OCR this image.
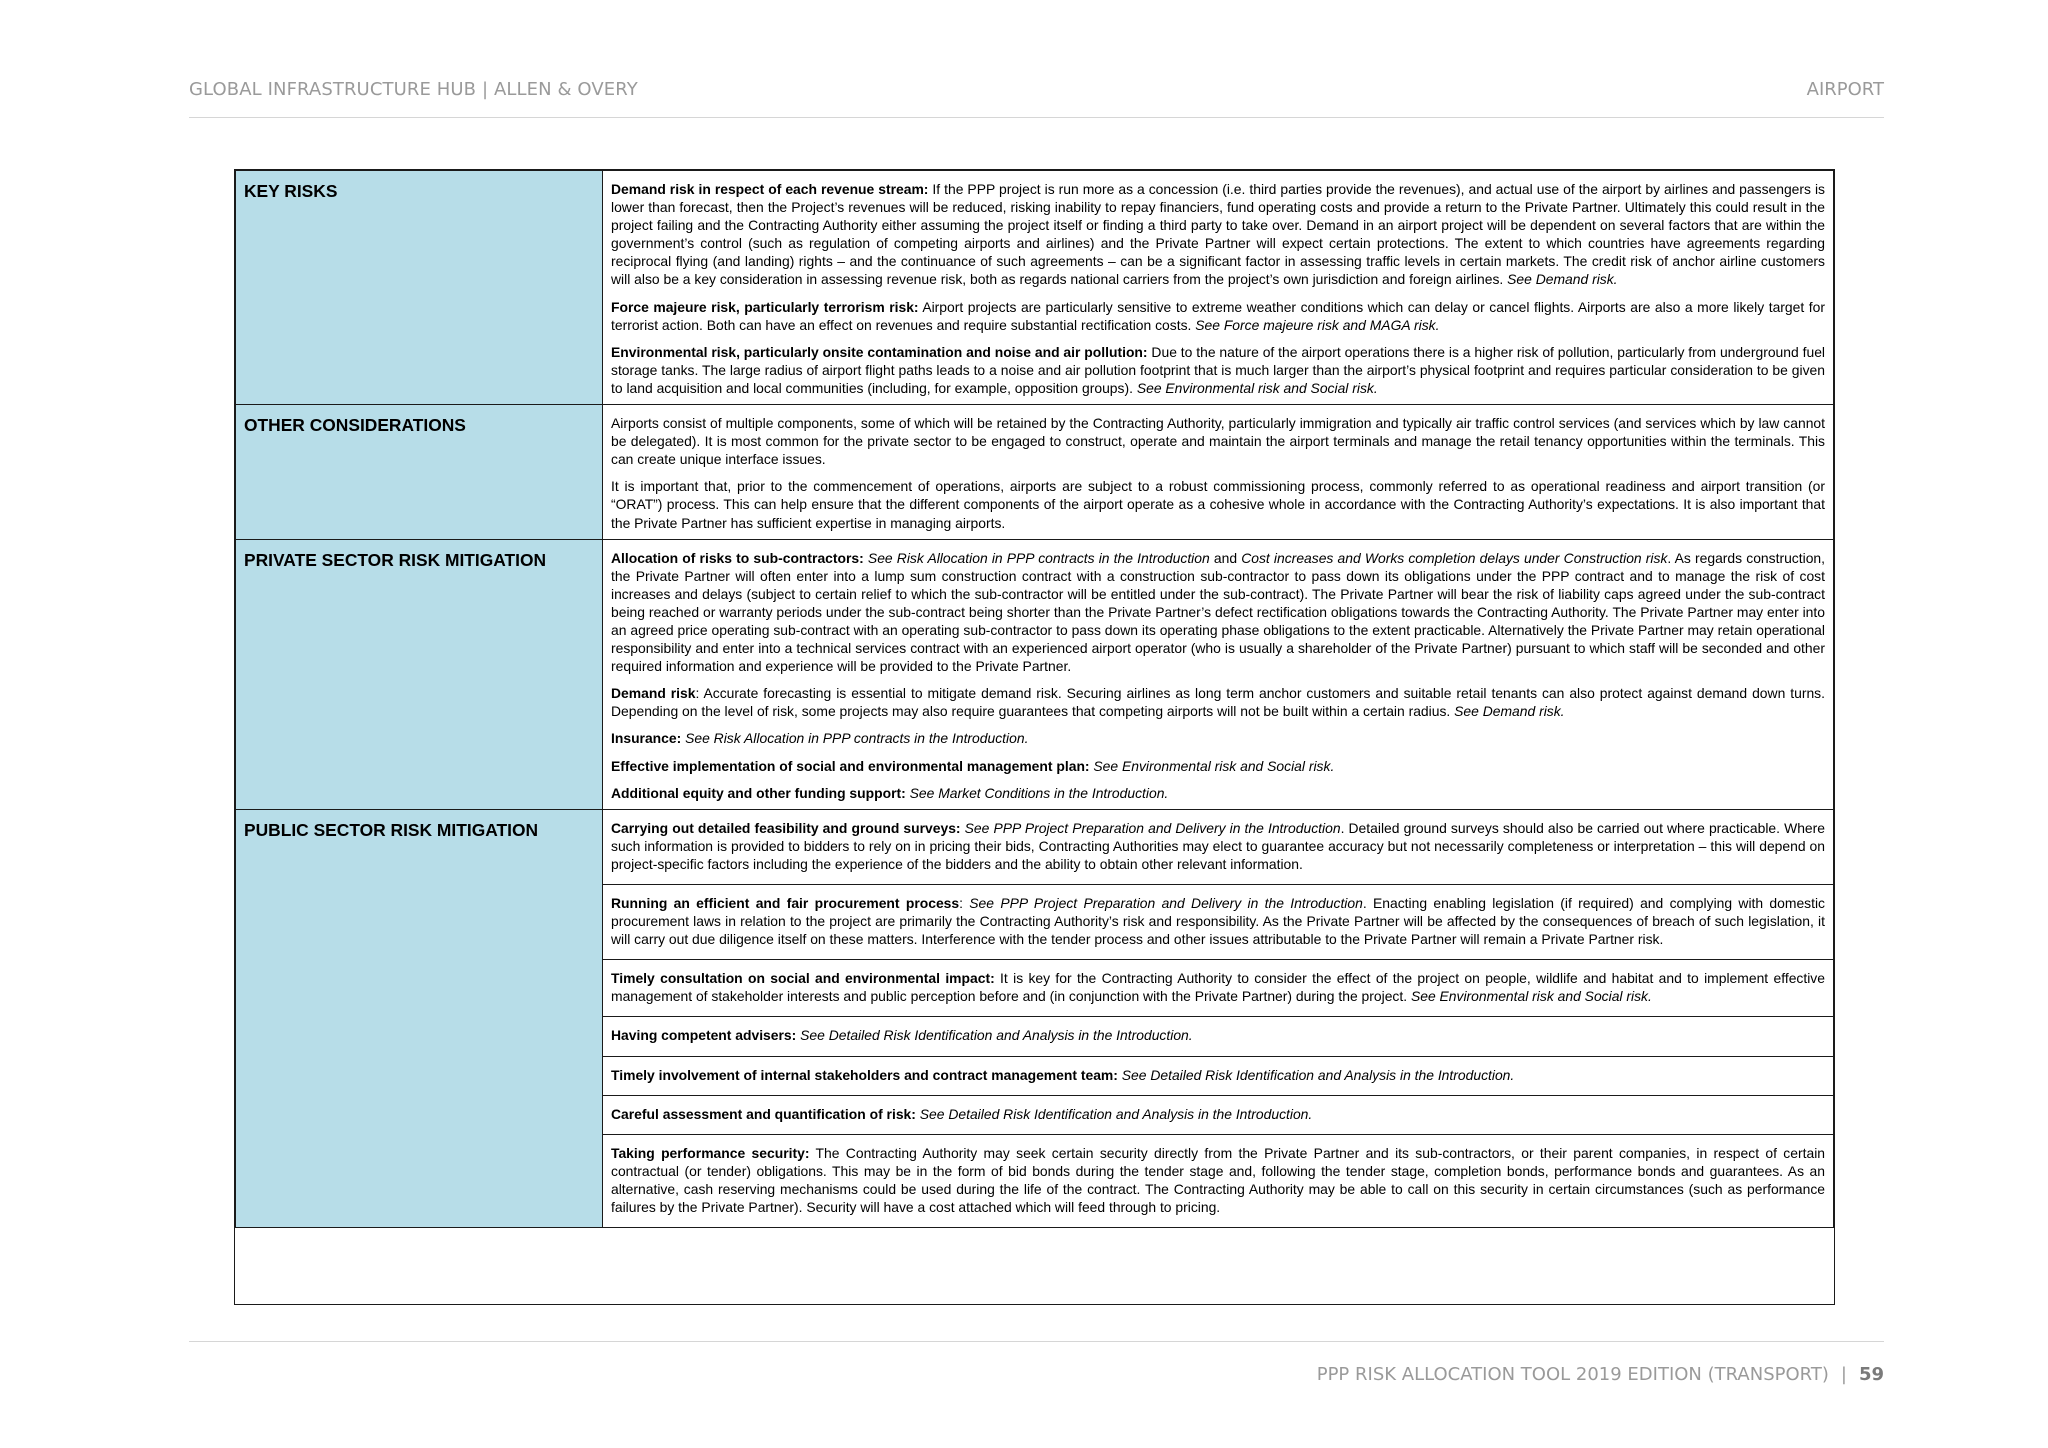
GLOBAL INFRASTRUCTURE HUB | ALLEN & OVERY	AIRPORT
KEY RISKS	Demand risk in respect of each revenue stream: If the PPP project is run more as a concession (i.e. third parties provide the revenues), and actual use of the airport by airlines and passengers is lower than forecast, then the Project’s revenues will be reduced, risking inability to repay financiers, fund operating costs and provide a return to the Private Partner. Ultimately this could result in the project failing and the Contracting Authority either assuming the project itself or finding a third party to take over. Demand in an airport project will be dependent on several factors that are within the government’s control (such as regulation of competing airports and airlines) and the Private Partner will expect certain protections. The extent to which countries have agreements regarding reciprocal flying (and landing) rights – and the continuance of such agreements – can be a significant factor in assessing traffic levels in certain markets. The credit risk of anchor airline customers will also be a key consideration in assessing revenue risk, both as regards national carriers from the project’s own jurisdiction and foreign airlines. See Demand risk.

Force majeure risk, particularly terrorism risk: Airport projects are particularly sensitive to extreme weather conditions which can delay or cancel flights. Airports are also a more likely target for terrorist action. Both can have an effect on revenues and require substantial rectification costs. See Force majeure risk and MAGA risk.

Environmental risk, particularly onsite contamination and noise and air pollution: Due to the nature of the airport operations there is a higher risk of pollution, particularly from underground fuel storage tanks. The large radius of airport flight paths leads to a noise and air pollution footprint that is much larger than the airport’s physical footprint and requires particular consideration to be given to land acquisition and local communities (including, for example, opposition groups). See Environmental risk and Social risk.

OTHER CONSIDERATIONS	Airports consist of multiple components, some of which will be retained by the Contracting Authority, particularly immigration and typically air traffic control services (and services which by law cannot be delegated). It is most common for the private sector to be engaged to construct, operate and maintain the airport terminals and manage the retail tenancy opportunities within the terminals. This can create unique interface issues.

It is important that, prior to the commencement of operations, airports are subject to a robust commissioning process, commonly referred to as operational readiness and airport transition (or “ORAT”) process. This can help ensure that the different components of the airport operate as a cohesive whole in accordance with the Contracting Authority’s expectations. It is also important that the Private Partner has sufficient expertise in managing airports.

PRIVATE SECTOR RISK MITIGATION	Allocation of risks to sub-contractors: See Risk Allocation in PPP contracts in the Introduction and Cost increases and Works completion delays under Construction risk. As regards construction, the Private Partner will often enter into a lump sum construction contract with a construction sub-contractor to pass down its obligations under the PPP contract and to manage the risk of cost increases and delays (subject to certain relief to which the sub-contractor will be entitled under the sub-contract). The Private Partner will bear the risk of liability caps agreed under the sub-contract being reached or warranty periods under the sub-contract being shorter than the Private Partner’s defect rectification obligations towards the Contracting Authority. The Private Partner may enter into an agreed price operating sub-contract with an operating sub-contractor to pass down its operating phase obligations to the extent practicable. Alternatively the Private Partner may retain operational responsibility and enter into a technical services contract with an experienced airport operator (who is usually a shareholder of the Private Partner) pursuant to which staff will be seconded and other required information and experience will be provided to the Private Partner.

Demand risk: Accurate forecasting is essential to mitigate demand risk. Securing airlines as long term anchor customers and suitable retail tenants can also protect against demand down turns. Depending on the level of risk, some projects may also require guarantees that competing airports will not be built within a certain radius. See Demand risk.

Insurance: See Risk Allocation in PPP contracts in the Introduction.

Effective implementation of social and environmental management plan: See Environmental risk and Social risk.

Additional equity and other funding support: See Market Conditions in the Introduction.

PUBLIC SECTOR RISK MITIGATION	Carrying out detailed feasibility and ground surveys: See PPP Project Preparation and Delivery in the Introduction. Detailed ground surveys should also be carried out where practicable. Where such information is provided to bidders to rely on in pricing their bids, Contracting Authorities may elect to guarantee accuracy but not necessarily completeness or interpretation – this will depend on project-specific factors including the experience of the bidders and the ability to obtain other relevant information.

	Running an efficient and fair procurement process: See PPP Project Preparation and Delivery in the Introduction. Enacting enabling legislation (if required) and complying with domestic procurement laws in relation to the project are primarily the Contracting Authority’s risk and responsibility. As the Private Partner will be affected by the consequences of breach of such legislation, it will carry out due diligence itself on these matters. Interference with the tender process and other issues attributable to the Private Partner will remain a Private Partner risk.

	Timely consultation on social and environmental impact: It is key for the Contracting Authority to consider the effect of the project on people, wildlife and habitat and to implement effective management of stakeholder interests and public perception before and (in conjunction with the Private Partner) during the project. See Environmental risk and Social risk.

	Having competent advisers: See Detailed Risk Identification and Analysis in the Introduction.

	Timely involvement of internal stakeholders and contract management team: See Detailed Risk Identification and Analysis in the Introduction.

	Careful assessment and quantification of risk: See Detailed Risk Identification and Analysis in the Introduction.

	Taking performance security: The Contracting Authority may seek certain security directly from the Private Partner and its sub-contractors, or their parent companies, in respect of certain contractual (or tender) obligations. This may be in the form of bid bonds during the tender stage and, following the tender stage, completion bonds, performance bonds and guarantees. As an alternative, cash reserving mechanisms could be used during the life of the contract. The Contracting Authority may be able to call on this security in certain circumstances (such as performance failures by the Private Partner). Security will have a cost attached which will feed through to pricing.

PPP RISK ALLOCATION TOOL 2019 EDITION (TRANSPORT) | 59
